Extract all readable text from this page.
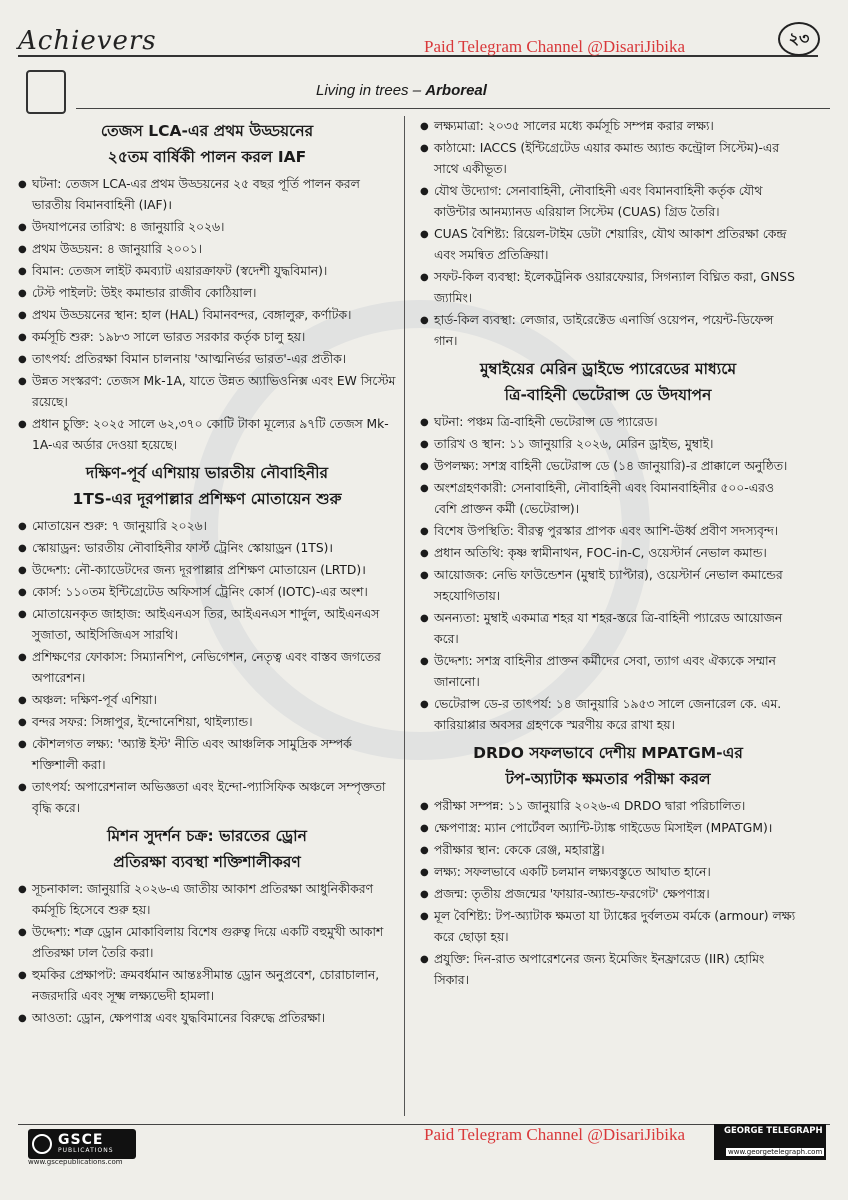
Achievers	Paid Telegram Channel @DisariJibika	২৩
Living in trees – Arboreal
তেজস LCA-এর প্রথম উড্ডয়নের
২৫তম বার্ষিকী পালন করল IAF
● ঘটনা: তেজস LCA-এর প্রথম উড্ডয়নের ২৫ বছর পূর্তি পালন করল ভারতীয় বিমানবাহিনী (IAF)।
● উদযাপনের তারিখ: ৪ জানুয়ারি ২০২৬।
● প্রথম উড্ডয়ন: ৪ জানুয়ারি ২০০১।
● বিমান: তেজস লাইট কমব্যাট এয়ারক্রাফট (স্বদেশী যুদ্ধবিমান)।
● টেস্ট পাইলট: উইং কমান্ডার রাজীব কোঠিয়াল।
● প্রথম উড্ডয়নের স্থান: হাল (HAL) বিমানবন্দর, বেঙ্গালুরু, কর্ণাটক।
● কর্মসূচি শুরু: ১৯৮৩ সালে ভারত সরকার কর্তৃক চালু হয়।
● তাৎপর্য: প্রতিরক্ষা বিমান চালনায় 'আত্মনির্ভর ভারত'-এর প্রতীক।
● উন্নত সংস্করণ: তেজস Mk-1A, যাতে উন্নত অ্যাভিওনিক্স এবং EW সিস্টেম রয়েছে।
● প্রধান চুক্তি: ২০২৫ সালে ৬২,৩৭০ কোটি টাকা মূল্যের ৯৭টি তেজস Mk-1A-এর অর্ডার দেওয়া হয়েছে।
দক্ষিণ-পূর্ব এশিয়ায় ভারতীয় নৌবাহিনীর
1TS-এর দূরপাল্লার প্রশিক্ষণ মোতায়েন শুরু
● মোতায়েন শুরু: ৭ জানুয়ারি ২০২৬।
● স্কোয়াড্রন: ভারতীয় নৌবাহিনীর ফার্স্ট ট্রেনিং স্কোয়াড্রন (1TS)।
● উদ্দেশ্য: নৌ-ক্যাডেটদের জন্য দূরপাল্লার প্রশিক্ষণ মোতায়েন (LRTD)।
● কোর্স: ১১০তম ইন্টিগ্রেটেড অফিসার্স ট্রেনিং কোর্স (IOTC)-এর অংশ।
● মোতায়েনকৃত জাহাজ: আইএনএস তির, আইএনএস শার্দুল, আইএনএস সুজাতা, আইসিজিএস সারথি।
● প্রশিক্ষণের ফোকাস: সিম্যানশিপ, নেভিগেশন, নেতৃত্ব এবং বাস্তব জগতের অপারেশন।
● অঞ্চল: দক্ষিণ-পূর্ব এশিয়া।
● বন্দর সফর: সিঙ্গাপুর, ইন্দোনেশিয়া, থাইল্যান্ড।
● কৌশলগত লক্ষ্য: 'অ্যাক্ট ইস্ট' নীতি এবং আঞ্চলিক সামুদ্রিক সম্পর্ক শক্তিশালী করা।
● তাৎপর্য: অপারেশনাল অভিজ্ঞতা এবং ইন্দো-প্যাসিফিক অঞ্চলে সম্পৃক্ততা বৃদ্ধি করে।
মিশন সুদর্শন চক্র: ভারতের ড্রোন
প্রতিরক্ষা ব্যবস্থা শক্তিশালীকরণ
● সূচনাকাল: জানুয়ারি ২০২৬-এ জাতীয় আকাশ প্রতিরক্ষা আধুনিকীকরণ কর্মসূচি হিসেবে শুরু হয়।
● উদ্দেশ্য: শত্রু ড্রোন মোকাবিলায় বিশেষ গুরুত্ব দিয়ে একটি বহুমুখী আকাশ প্রতিরক্ষা ঢাল তৈরি করা।
● হুমকির প্রেক্ষাপট: ক্রমবর্ধমান আন্তঃসীমান্ত ড্রোন অনুপ্রবেশ, চোরাচালান, নজরদারি এবং সূক্ষ্ম লক্ষ্যভেদী হামলা।
● আওতা: ড্রোন, ক্ষেপণাস্ত্র এবং যুদ্ধবিমানের বিরুদ্ধে প্রতিরক্ষা।
● লক্ষ্যমাত্রা: ২০৩৫ সালের মধ্যে কর্মসূচি সম্পন্ন করার লক্ষ্য।
● কাঠামো: IACCS (ইন্টিগ্রেটেড এয়ার কমান্ড অ্যান্ড কন্ট্রোল সিস্টেম)-এর সাথে একীভূত।
● যৌথ উদ্যোগ: সেনাবাহিনী, নৌবাহিনী এবং বিমানবাহিনী কর্তৃক যৌথ কাউন্টার আনম্যানড এরিয়াল সিস্টেম (CUAS) গ্রিড তৈরি।
● CUAS বৈশিষ্ট্য: রিয়েল-টাইম ডেটা শেয়ারিং, যৌথ আকাশ প্রতিরক্ষা কেন্দ্র এবং সমন্বিত প্রতিক্রিয়া।
● সফট-কিল ব্যবস্থা: ইলেকট্রনিক ওয়ারফেয়ার, সিগন্যাল বিঘ্নিত করা, GNSS জ্যামিং।
● হার্ড-কিল ব্যবস্থা: লেজার, ডাইরেক্টেড এনার্জি ওয়েপন, পয়েন্ট-ডিফেন্স গান।
মুম্বাইয়ের মেরিন ড্রাইভে প্যারেডের মাধ্যমে
ত্রি-বাহিনী ভেটেরান্স ডে উদযাপন
● ঘটনা: পঞ্চম ত্রি-বাহিনী ভেটেরান্স ডে প্যারেড।
● তারিখ ও স্থান: ১১ জানুয়ারি ২০২৬, মেরিন ড্রাইভ, মুম্বাই।
● উপলক্ষ্য: সশস্ত্র বাহিনী ভেটেরান্স ডে (১৪ জানুয়ারি)-র প্রাক্কালে অনুষ্ঠিত।
● অংশগ্রহণকারী: সেনাবাহিনী, নৌবাহিনী এবং বিমানবাহিনীর ৫০০-এরও বেশি প্রাক্তন কর্মী (ভেটেরান্স)।
● বিশেষ উপস্থিতি: বীরত্ব পুরস্কার প্রাপক এবং আশি-ঊর্ধ্ব প্রবীণ সদস্যবৃন্দ।
● প্রধান অতিথি: কৃষ্ণ স্বামীনাথন, FOC-in-C, ওয়েস্টার্ন নেভাল কমান্ড।
● আয়োজক: নেভি ফাউন্ডেশন (মুম্বাই চ্যাপ্টার), ওয়েস্টার্ন নেভাল কমান্ডের সহযোগিতায়।
● অনন্যতা: মুম্বাই একমাত্র শহর যা শহর-স্তরে ত্রি-বাহিনী প্যারেড আয়োজন করে।
● উদ্দেশ্য: সশস্ত্র বাহিনীর প্রাক্তন কর্মীদের সেবা, ত্যাগ এবং ঐক্যকে সম্মান জানানো।
● ভেটেরান্স ডে-র তাৎপর্য: ১৪ জানুয়ারি ১৯৫৩ সালে জেনারেল কে. এম. কারিয়াপ্পার অবসর গ্রহণকে স্মরণীয় করে রাখা হয়।
DRDO সফলভাবে দেশীয় MPATGM-এর
টপ-অ্যাটাক ক্ষমতার পরীক্ষা করল
● পরীক্ষা সম্পন্ন: ১১ জানুয়ারি ২০২৬-এ DRDO দ্বারা পরিচালিত।
● ক্ষেপণাস্ত্র: ম্যান পোর্টেবল অ্যান্টি-ট্যাঙ্ক গাইডেড মিসাইল (MPATGM)।
● পরীক্ষার স্থান: কেকে রেঞ্জ, মহারাষ্ট্র।
● লক্ষ্য: সফলভাবে একটি চলমান লক্ষ্যবস্তুতে আঘাত হানে।
● প্রজন্ম: তৃতীয় প্রজন্মের 'ফায়ার-অ্যান্ড-ফরগেট' ক্ষেপণাস্ত্র।
● মূল বৈশিষ্ট্য: টপ-অ্যাটাক ক্ষমতা যা ট্যাঙ্কের দুর্বলতম বর্মকে (armour) লক্ষ্য করে ছোড়া হয়।
● প্রযুক্তি: দিন-রাত অপারেশনের জন্য ইমেজিং ইনফ্রারেড (IIR) হোমিং সিকার।
GSCE
PUBLICATIONS
www.gscepublications.com
Paid Telegram Channel @DisariJibika	GEORGE TELEGRAPH
www.georgetelegraph.com
